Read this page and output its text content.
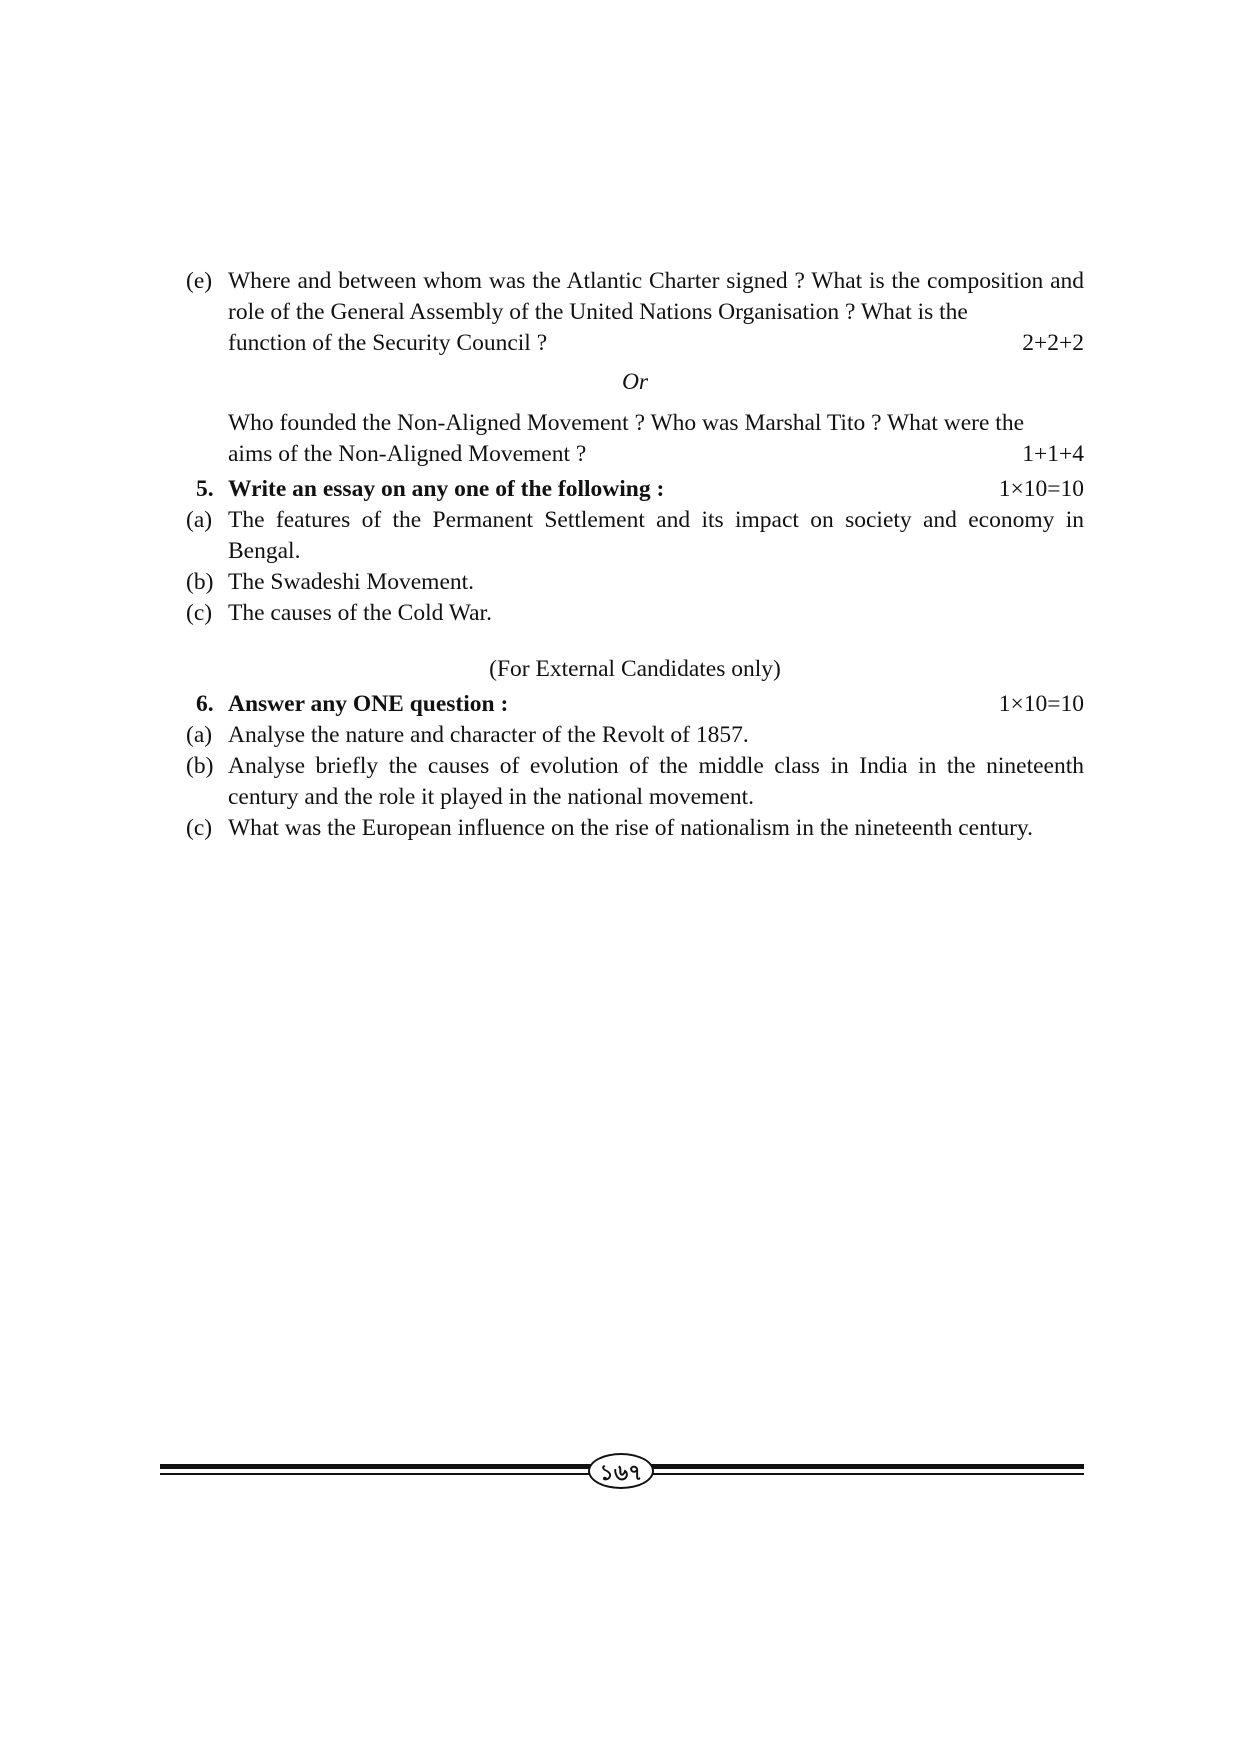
(e) Where and between whom was the Atlantic Charter signed ? What is the composition and role of the General Assembly of the United Nations Organisation ? What is the
function of the Security Council ?	2+2+2
Or
Who founded the Non-Aligned Movement ? Who was Marshal Tito ? What were the
aims of the Non-Aligned Movement ?	1+1+4
5. Write an essay on any one of the following :	1×10=10
(a) The features of the Permanent Settlement and its impact on society and economy in Bengal.
(b) The Swadeshi Movement.
(c) The causes of the Cold War.
(For External Candidates only)
6. Answer any ONE question :	1×10=10
(a) Analyse the nature and character of the Revolt of 1857.
(b) Analyse briefly the causes of evolution of the middle class in India in the nineteenth century and the role it played in the national movement.
(c) What was the European influence on the rise of nationalism in the nineteenth century.
১৬৭
